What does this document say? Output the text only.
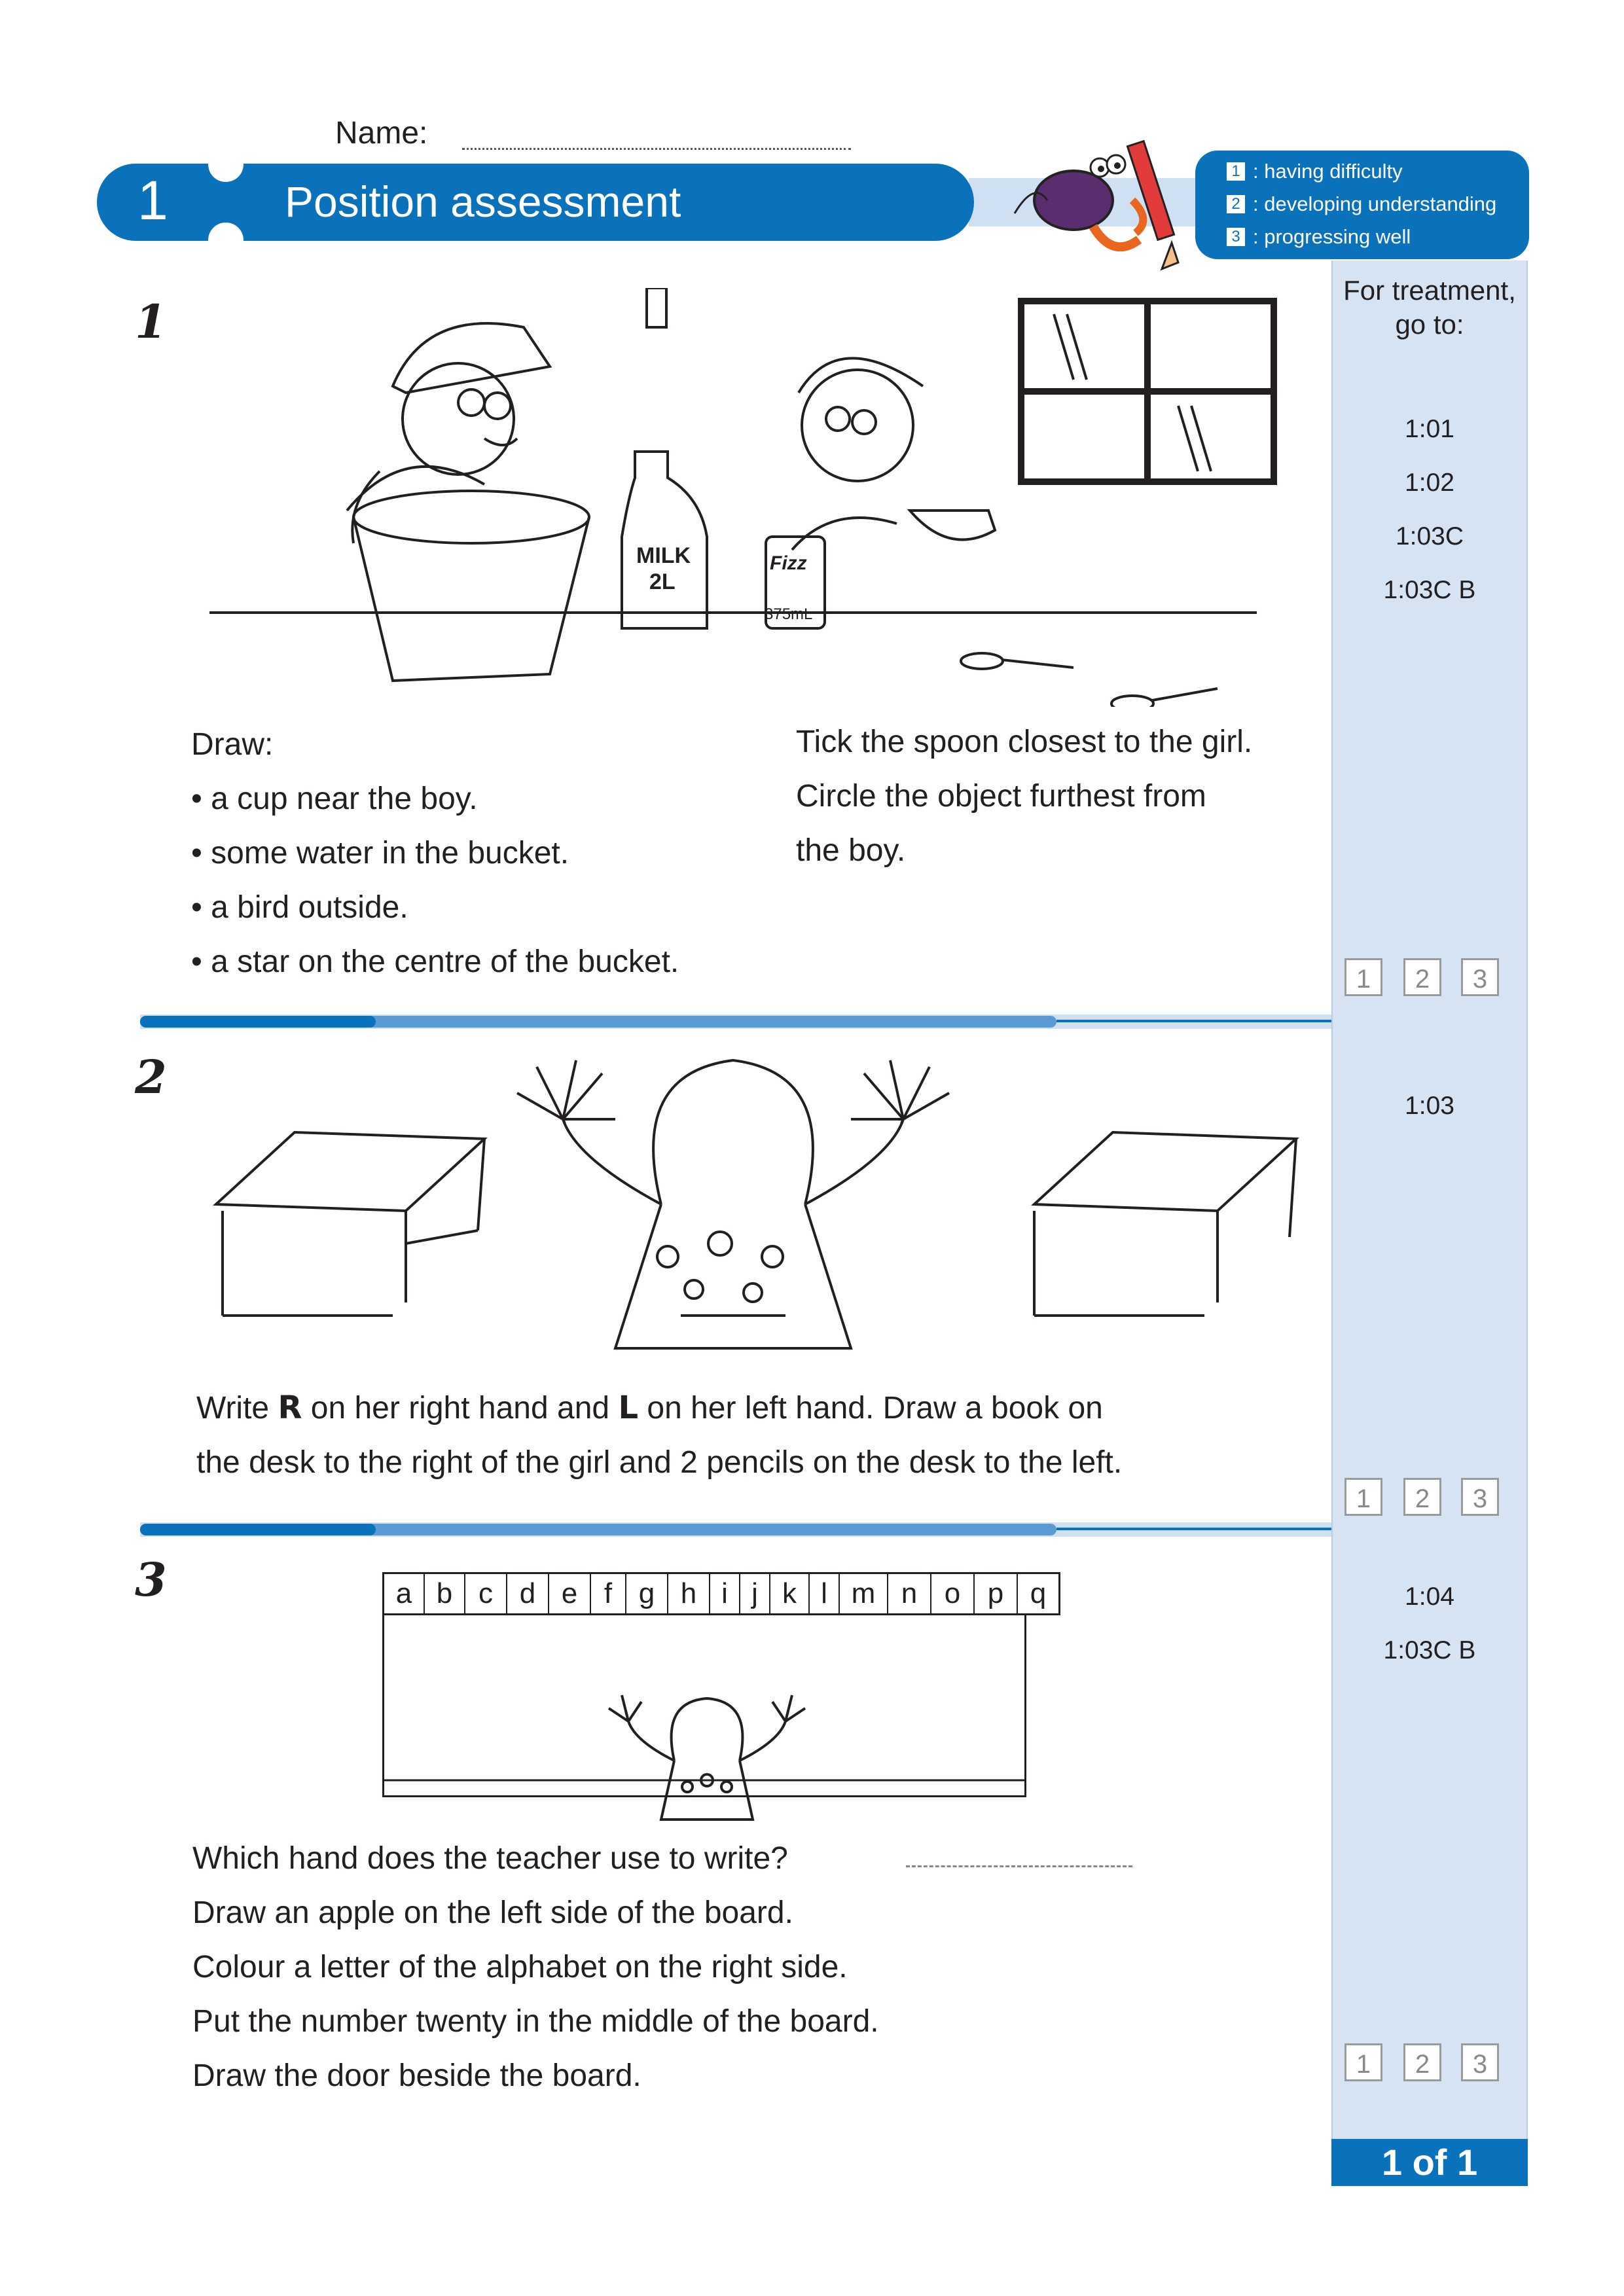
Name:
1	Position assessment
1 : having difficulty
2 : developing understanding
3 : progressing well
For treatment,
go to:
1:01
1:02
1:03C
1:03C B
1	2	3
1:03
1	2	3
1:04
1:03C B
1	2	3
1 of 1
1
MILK
2L
Fizz
375mL
Draw:
• a cup near the boy.
• some water in the bucket.
• a bird outside.
• a star on the centre of the bucket.
Tick the spoon closest to the girl.
Circle the object furthest from
the boy.
2
Write R on her right hand and L on her left hand. Draw a book on
the desk to the right of the girl and 2 pencils on the desk to the left.
3	a b c d e f g h i j k l m n o p q
Which hand does the teacher use to write?
Draw an apple on the left side of the board.
Colour a letter of the alphabet on the right side.
Put the number twenty in the middle of the board.
Draw the door beside the board.
